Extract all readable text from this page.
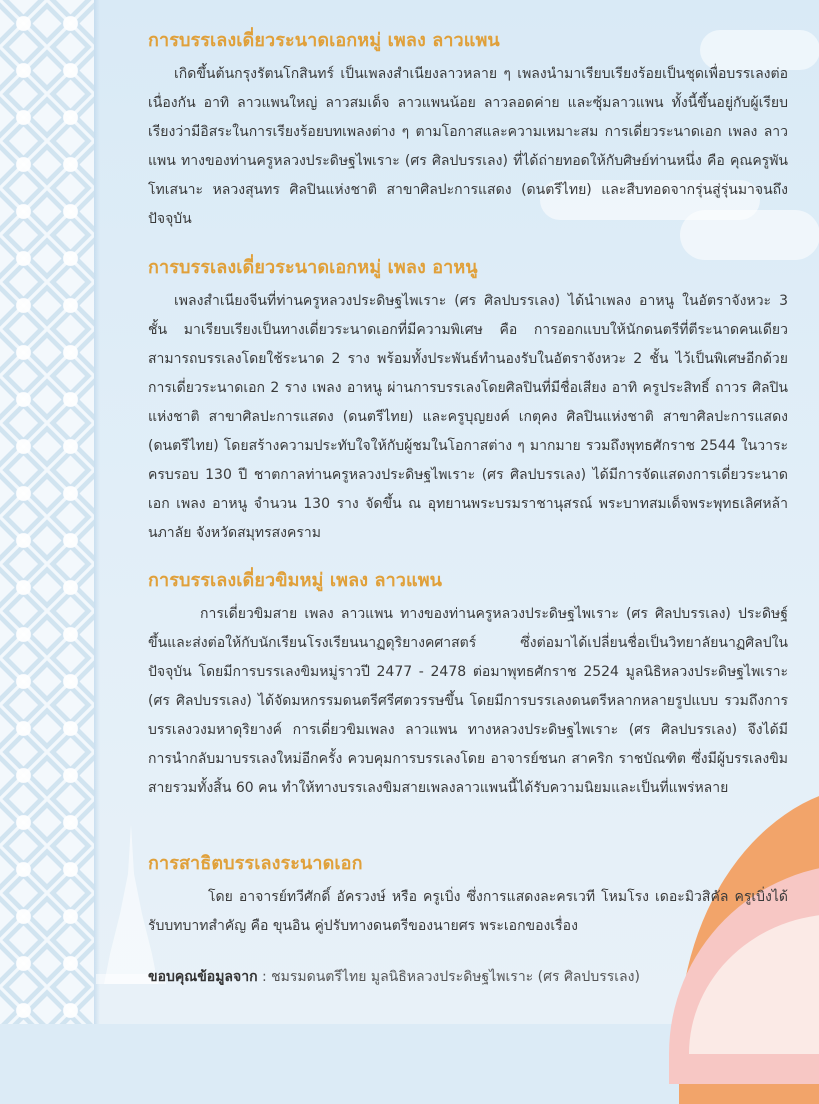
การบรรเลงเดี่ยวระนาดเอกหมู่ เพลง ลาวแพน

เกิดขึ้นต้นกรุงรัตนโกสินทร์ เป็นเพลงสำเนียงลาวหลาย ๆ เพลงนำมาเรียบเรียงร้อยเป็นชุดเพื่อบรรเลงต่อเนื่องกัน อาทิ ลาวแพนใหญ่ ลาวสมเด็จ ลาวแพนน้อย ลาวลอดค่าย และซุ้มลาวแพน ทั้งนี้ขึ้นอยู่กับผู้เรียบเรียงว่ามีอิสระในการเรียงร้อยบทเพลงต่าง ๆ ตามโอกาสและความเหมาะสม การเดี่ยวระนาดเอก เพลง ลาวแพน ทางของท่านครูหลวงประดิษฐไพเราะ (ศร ศิลปบรรเลง) ที่ได้ถ่ายทอดให้กับศิษย์ท่านหนึ่ง คือ คุณครูพันโทเสนาะ หลวงสุนทร ศิลปินแห่งชาติ สาขาศิลปะการแสดง (ดนตรีไทย) และสืบทอดจากรุ่นสู่รุ่นมาจนถึงปัจจุบัน

การบรรเลงเดี่ยวระนาดเอกหมู่ เพลง อาหนู

เพลงสำเนียงจีนที่ท่านครูหลวงประดิษฐไพเราะ (ศร ศิลปบรรเลง) ได้นำเพลง อาหนู ในอัตราจังหวะ 3 ชั้น มาเรียบเรียงเป็นทางเดี่ยวระนาดเอกที่มีความพิเศษ คือ การออกแบบให้นักดนตรีที่ตีระนาดคนเดียวสามารถบรรเลงโดยใช้ระนาด 2 ราง พร้อมทั้งประพันธ์ทำนองรับในอัตราจังหวะ 2 ชั้น ไว้เป็นพิเศษอีกด้วย การเดี่ยวระนาดเอก 2 ราง เพลง อาหนู ผ่านการบรรเลงโดยศิลปินที่มีชื่อเสียง อาทิ ครูประสิทธิ์ ถาวร ศิลปินแห่งชาติ สาขาศิลปะการแสดง (ดนตรีไทย) และครูบุญยงค์ เกตุคง ศิลปินแห่งชาติ สาขาศิลปะการแสดง (ดนตรีไทย) โดยสร้างความประทับใจให้กับผู้ชมในโอกาสต่าง ๆ มากมาย รวมถึงพุทธศักราช 2544 ในวาระครบรอบ 130 ปี ชาตกาลท่านครูหลวงประดิษฐไพเราะ (ศร ศิลปบรรเลง) ได้มีการจัดแสดงการเดี่ยวระนาดเอก เพลง อาหนู จำนวน 130 ราง จัดขึ้น ณ อุทยานพระบรมราชานุสรณ์ พระบาทสมเด็จพระพุทธเลิศหล้านภาลัย จังหวัดสมุทรสงคราม

การบรรเลงเดี่ยวขิมหมู่ เพลง ลาวแพน

การเดี่ยวขิมสาย เพลง ลาวแพน ทางของท่านครูหลวงประดิษฐไพเราะ (ศร ศิลปบรรเลง) ประดิษฐ์ขึ้นและส่งต่อให้กับนักเรียนโรงเรียนนาฏดุริยางคศาสตร์ ซึ่งต่อมาได้เปลี่ยนชื่อเป็นวิทยาลัยนาฏศิลปในปัจจุบัน โดยมีการบรรเลงขิมหมู่ราวปี 2477 - 2478 ต่อมาพุทธศักราช 2524 มูลนิธิหลวงประดิษฐไพเราะ (ศร ศิลปบรรเลง) ได้จัดมหกรรมดนตรีศรีศตวรรษขึ้น โดยมีการบรรเลงดนตรีหลากหลายรูปแบบ รวมถึงการบรรเลงวงมหาดุริยางค์ การเดี่ยวขิมเพลง ลาวแพน ทางหลวงประดิษฐไพเราะ (ศร ศิลปบรรเลง) จึงได้มีการนำกลับมาบรรเลงใหม่อีกครั้ง ควบคุมการบรรเลงโดย อาจารย์ชนก สาคริก ราชบัณฑิต ซึ่งมีผู้บรรเลงขิมสายรวมทั้งสิ้น 60 คน ทำให้ทางบรรเลงขิมสายเพลงลาวแพนนี้ได้รับความนิยมและเป็นที่แพร่หลาย

การสาธิตบรรเลงระนาดเอก

โดย อาจารย์ทวีศักดิ์ อัครวงษ์ หรือ ครูเบิ่ง ซึ่งการแสดงละครเวที โหมโรง เดอะมิวสิคัล ครูเบิ่งได้รับบทบาทสำคัญ คือ ขุนอิน คู่ปรับทางดนตรีของนายศร พระเอกของเรื่อง

ขอบคุณข้อมูลจาก : ชมรมดนตรีไทย มูลนิธิหลวงประดิษฐไพเราะ (ศร ศิลปบรรเลง)
